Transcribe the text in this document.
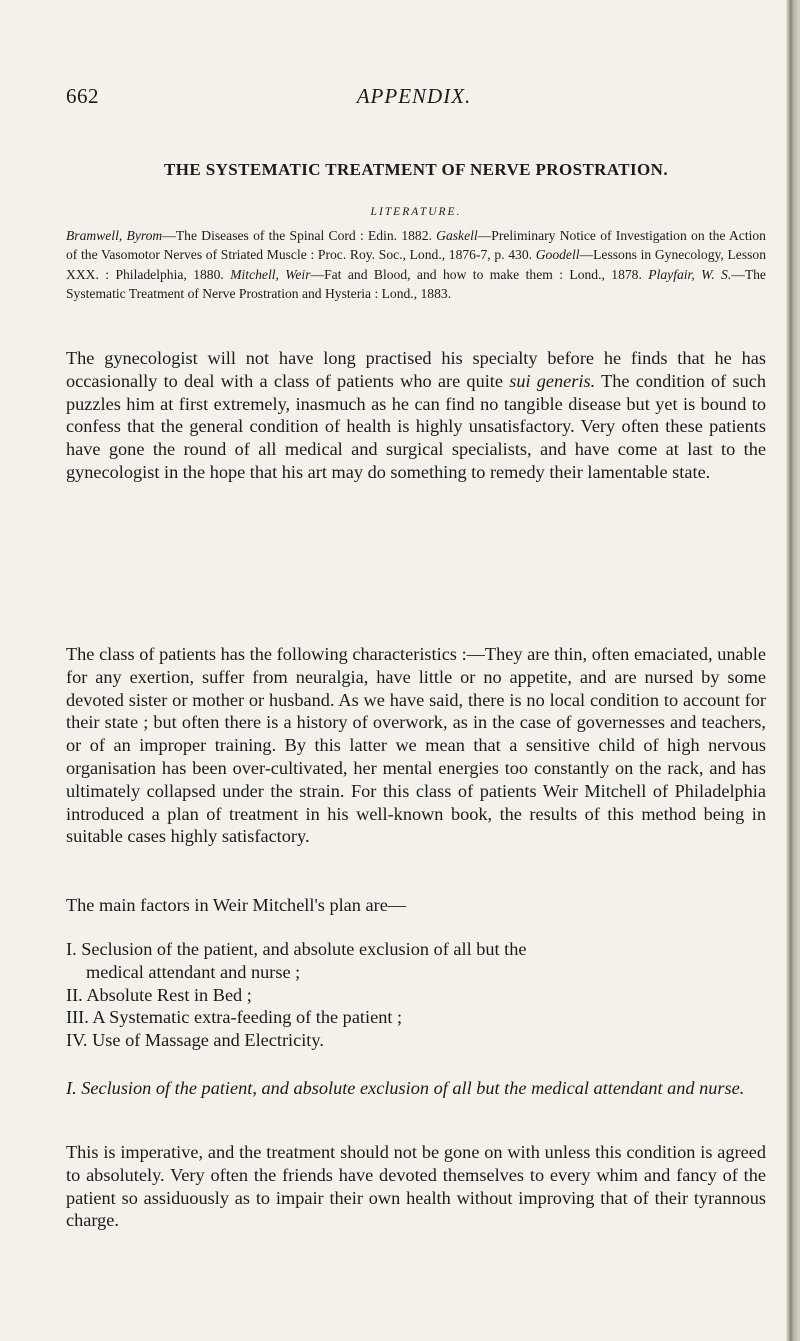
662	APPENDIX.
THE SYSTEMATIC TREATMENT OF NERVE PROSTRATION.
LITERATURE.
Bramwell, Byrom—The Diseases of the Spinal Cord : Edin. 1882. Gaskell—Preliminary Notice of Investigation on the Action of the Vasomotor Nerves of Striated Muscle : Proc. Roy. Soc., Lond., 1876-7, p. 430. Goodell—Lessons in Gynecology, Lesson XXX. : Philadelphia, 1880. Mitchell, Weir—Fat and Blood, and how to make them : Lond., 1878. Playfair, W. S.—The Systematic Treatment of Nerve Prostration and Hysteria : Lond., 1883.
The gynecologist will not have long practised his specialty before he finds that he has occasionally to deal with a class of patients who are quite sui generis. The condition of such puzzles him at first extremely, inasmuch as he can find no tangible disease but yet is bound to confess that the general condition of health is highly unsatisfactory. Very often these patients have gone the round of all medical and surgical specialists, and have come at last to the gynecologist in the hope that his art may do something to remedy their lamentable state.
The class of patients has the following characteristics :—They are thin, often emaciated, unable for any exertion, suffer from neuralgia, have little or no appetite, and are nursed by some devoted sister or mother or husband. As we have said, there is no local condition to account for their state ; but often there is a history of overwork, as in the case of governesses and teachers, or of an improper training. By this latter we mean that a sensitive child of high nervous organisation has been over-cultivated, her mental energies too constantly on the rack, and has ultimately collapsed under the strain. For this class of patients Weir Mitchell of Philadelphia introduced a plan of treatment in his well-known book, the results of this method being in suitable cases highly satisfactory.
The main factors in Weir Mitchell's plan are—
I. Seclusion of the patient, and absolute exclusion of all but the
medical attendant and nurse ;
II. Absolute Rest in Bed ;
III. A Systematic extra-feeding of the patient ;
IV. Use of Massage and Electricity.
I. Seclusion of the patient, and absolute exclusion of all but the medical attendant and nurse.
This is imperative, and the treatment should not be gone on with unless this condition is agreed to absolutely. Very often the friends have devoted themselves to every whim and fancy of the patient so assiduously as to impair their own health without improving that of their tyrannous charge.
